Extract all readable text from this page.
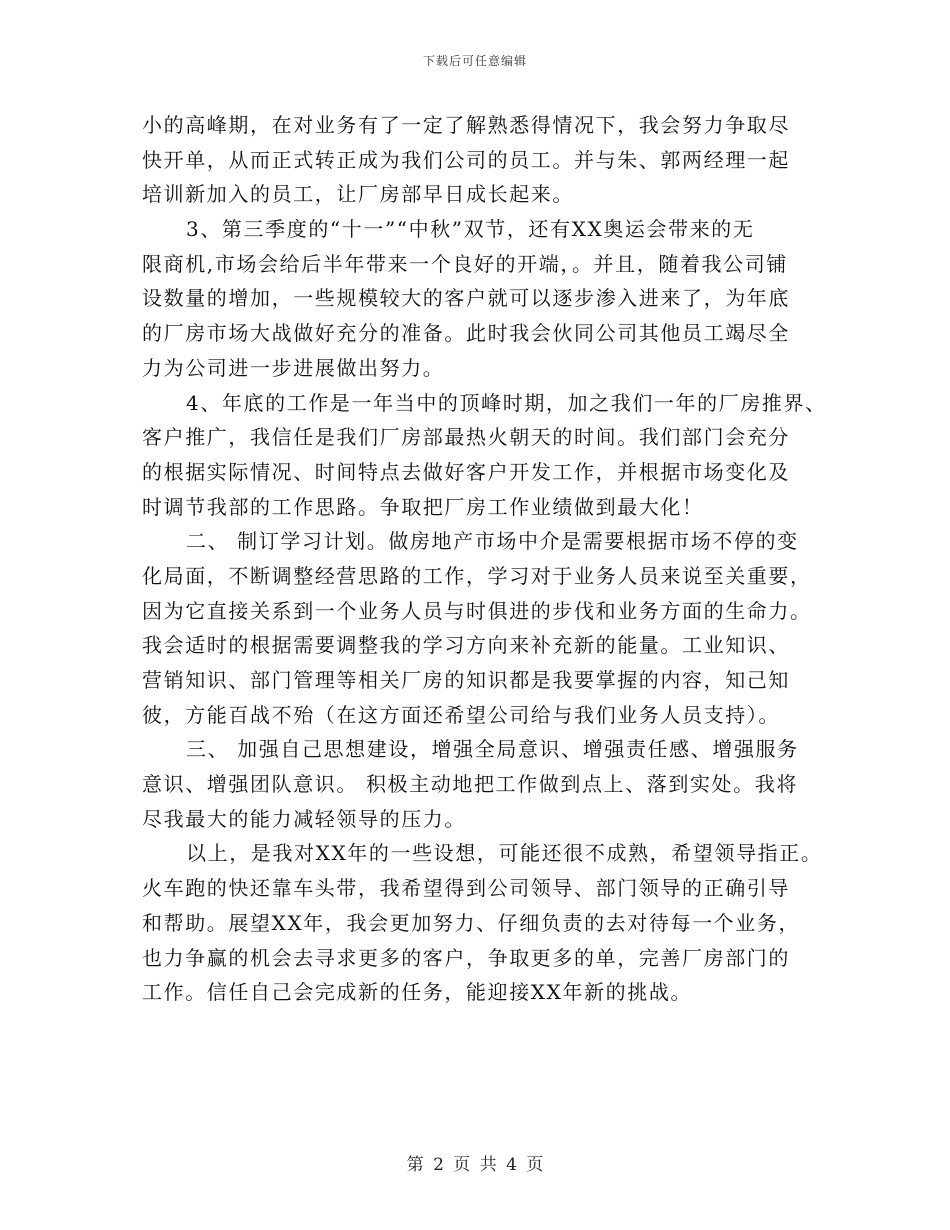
下载后可任意编辑
小的高峰期，在对业务有了一定了解熟悉得情况下，我会努力争取尽
快开单，从而正式转正成为我们公司的员工。并与朱、郭两经理一起
培训新加入的员工，让厂房部早日成长起来。
3、第三季度的“十一”“中秋”双节，还有XX奥运会带来的无
限商机,市场会给后半年带来一个良好的开端，。并且，随着我公司铺
设数量的增加，一些规模较大的客户就可以逐步渗入进来了，为年底
的厂房市场大战做好充分的准备。此时我会伙同公司其他员工竭尽全
力为公司进一步进展做出努力。
4、年底的工作是一年当中的顶峰时期，加之我们一年的厂房推界、
客户推广，我信任是我们厂房部最热火朝天的时间。我们部门会充分
的根据实际情况、时间特点去做好客户开发工作，并根据市场变化及
时调节我部的工作思路。争取把厂房工作业绩做到最大化！
二、 制订学习计划。做房地产市场中介是需要根据市场不停的变
化局面，不断调整经营思路的工作，学习对于业务人员来说至关重要，
因为它直接关系到一个业务人员与时俱进的步伐和业务方面的生命力。
我会适时的根据需要调整我的学习方向来补充新的能量。工业知识、
营销知识、部门管理等相关厂房的知识都是我要掌握的内容，知己知
彼，方能百战不殆（在这方面还希望公司给与我们业务人员支持）。
三、 加强自己思想建设，增强全局意识、增强责任感、增强服务
意识、增强团队意识。 积极主动地把工作做到点上、落到实处。我将
尽我最大的能力减轻领导的压力。
以上，是我对XX年的一些设想，可能还很不成熟，希望领导指正。
火车跑的快还靠车头带，我希望得到公司领导、部门领导的正确引导
和帮助。展望XX年，我会更加努力、仔细负责的去对待每一个业务，
也力争赢的机会去寻求更多的客户，争取更多的单，完善厂房部门的
工作。信任自己会完成新的任务，能迎接XX年新的挑战。
第 2 页 共 4 页
